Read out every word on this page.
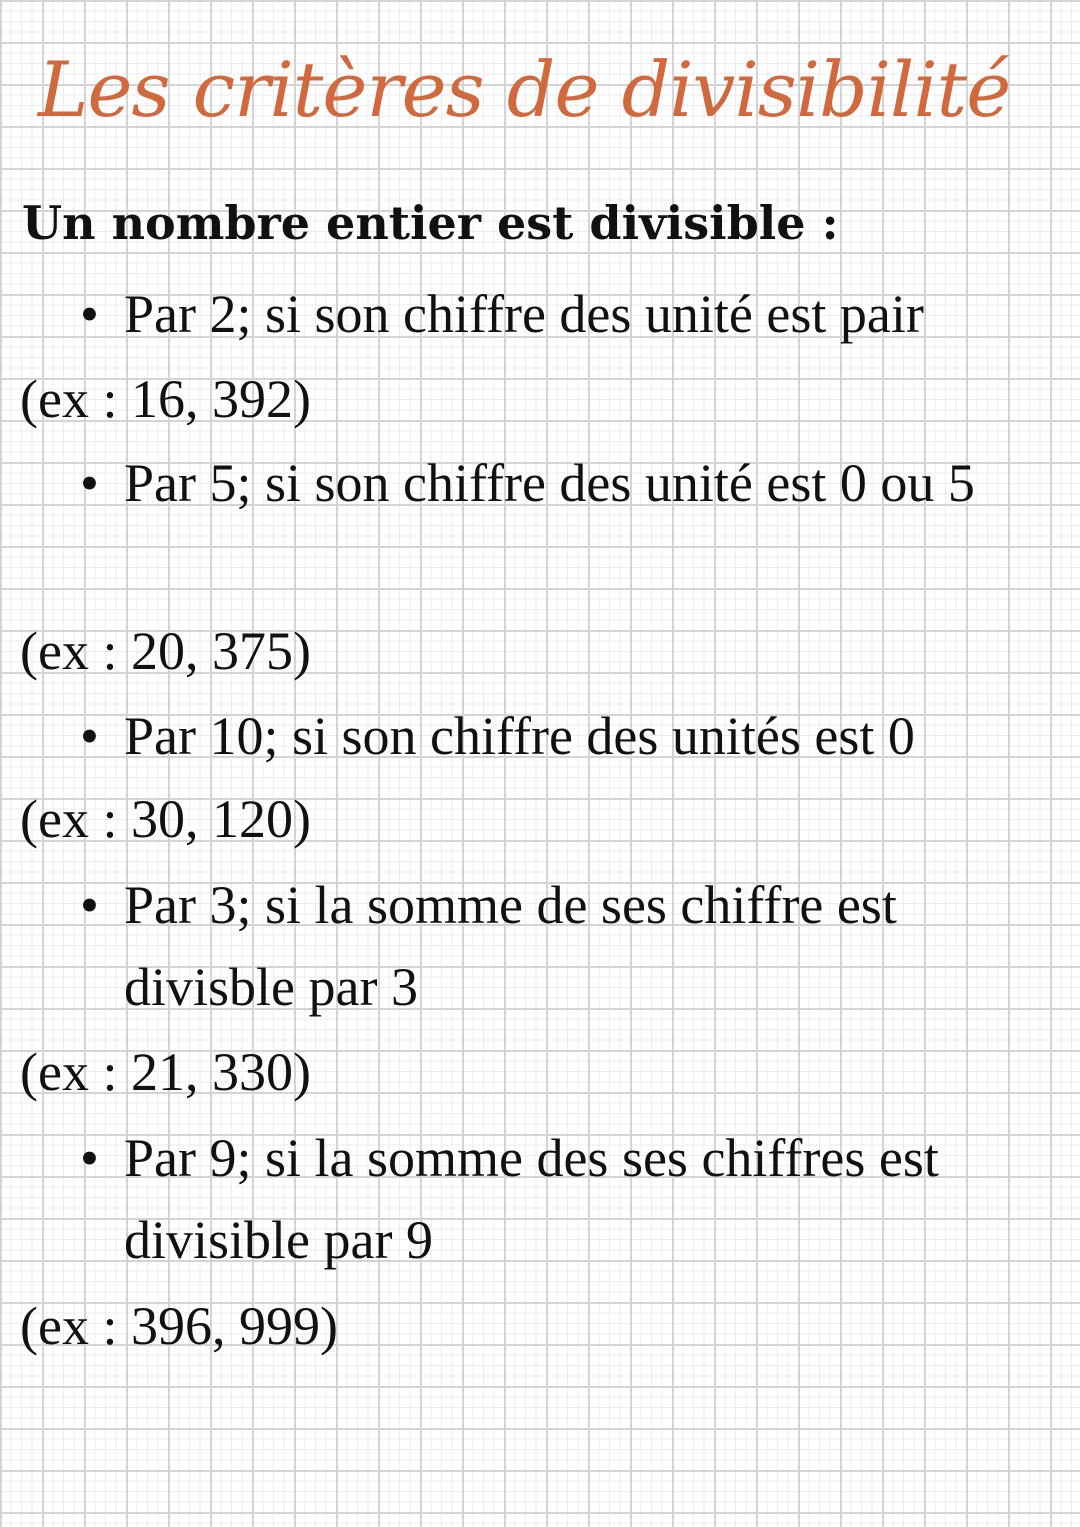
Les critères de divisibilité

Un nombre entier est divisible :

• Par 2; si son chiffre des unité est pair

(ex : 16, 392)

• Par 5; si son chiffre des unité est 0 ou 5

(ex : 20, 375)

• Par 10; si son chiffre des unités est 0

(ex : 30, 120)

• Par 3; si la somme de ses chiffre est divisble par 3

(ex : 21, 330)

• Par 9; si la somme des ses chiffres est divisible par 9

(ex : 396, 999)
